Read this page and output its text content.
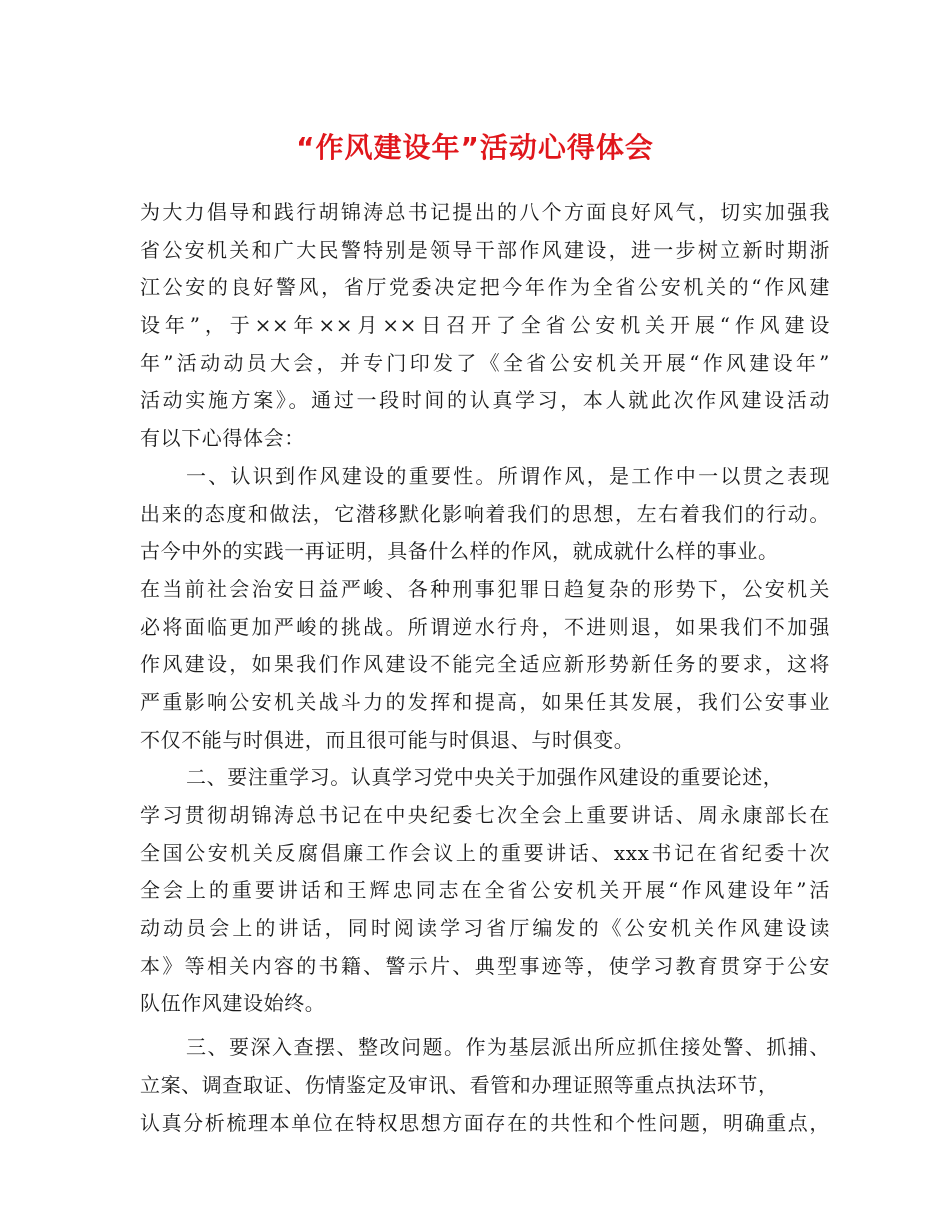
“作风建设年”活动心得体会
为大力倡导和践行胡锦涛总书记提出的八个方面良好风气，切实加强我
省公安机关和广大民警特别是领导干部作风建设，进一步树立新时期浙
江公安的良好警风，省厅党委决定把今年作为全省公安机关的“作风建
设年”，于××年××月××日召开了全省公安机关开展“作风建设
年”活动动员大会，并专门印发了《全省公安机关开展“作风建设年”
活动实施方案》。通过一段时间的认真学习，本人就此次作风建设活动
有以下心得体会：
一、认识到作风建设的重要性。所谓作风，是工作中一以贯之表现
出来的态度和做法，它潜移默化影响着我们的思想，左右着我们的行动。
古今中外的实践一再证明，具备什么样的作风，就成就什么样的事业。
在当前社会治安日益严峻、各种刑事犯罪日趋复杂的形势下，公安机关
必将面临更加严峻的挑战。所谓逆水行舟，不进则退，如果我们不加强
作风建设，如果我们作风建设不能完全适应新形势新任务的要求，这将
严重影响公安机关战斗力的发挥和提高，如果任其发展，我们公安事业
不仅不能与时俱进，而且很可能与时俱退、与时俱变。
二、要注重学习。认真学习党中央关于加强作风建设的重要论述，
学习贯彻胡锦涛总书记在中央纪委七次全会上重要讲话、周永康部长在
全国公安机关反腐倡廉工作会议上的重要讲话、xxx书记在省纪委十次
全会上的重要讲话和王辉忠同志在全省公安机关开展“作风建设年”活
动动员会上的讲话，同时阅读学习省厅编发的《公安机关作风建设读
本》等相关内容的书籍、警示片、典型事迹等，使学习教育贯穿于公安
队伍作风建设始终。
三、要深入查摆、整改问题。作为基层派出所应抓住接处警、抓捕、
立案、调查取证、伤情鉴定及审讯、看管和办理证照等重点执法环节，
认真分析梳理本单位在特权思想方面存在的共性和个性问题，明确重点，
